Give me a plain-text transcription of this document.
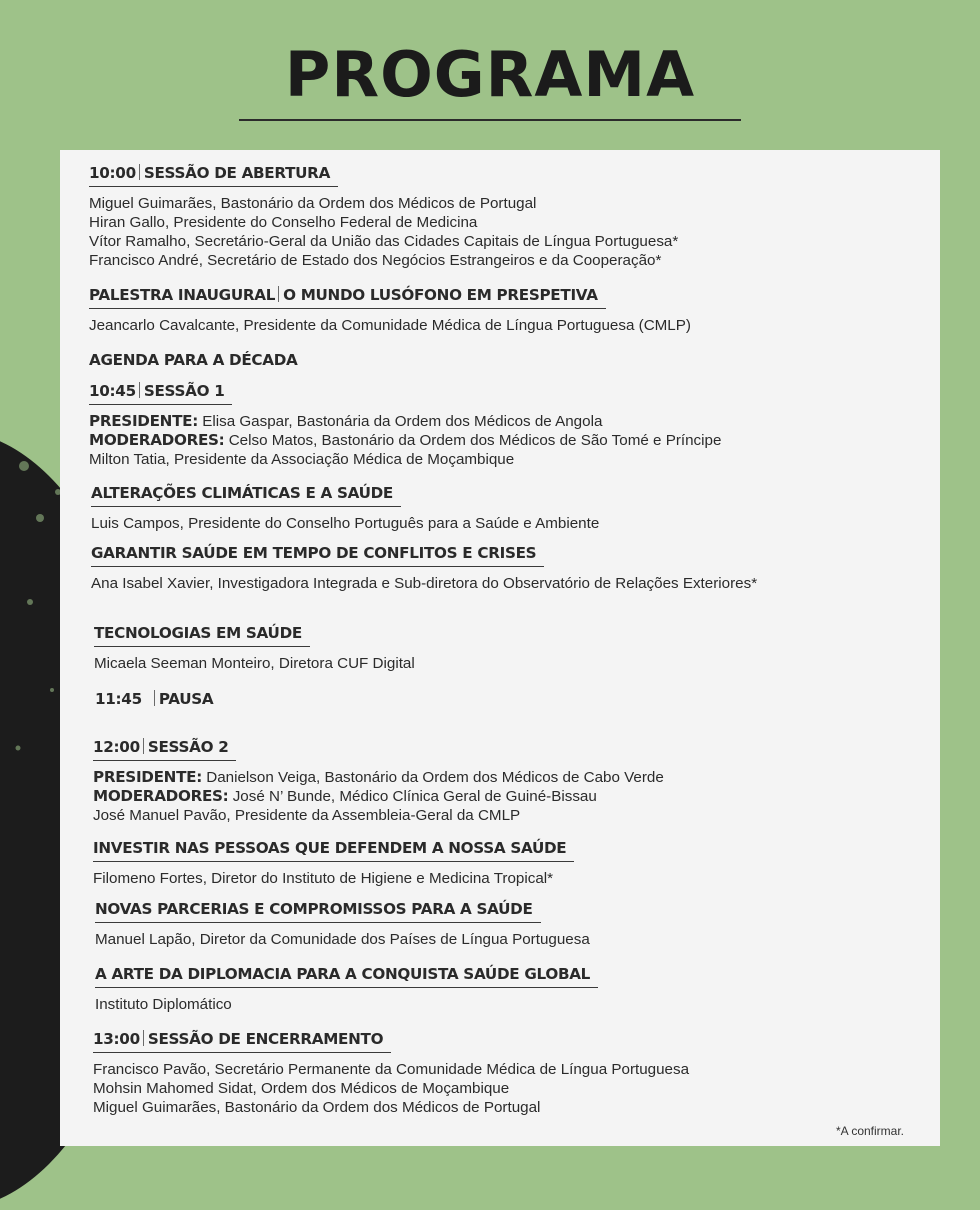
PROGRAMA
10:00 SESSÃO DE ABERTURA
Miguel Guimarães, Bastonário da Ordem dos Médicos de Portugal
Hiran Gallo, Presidente do Conselho Federal de Medicina
Vítor Ramalho, Secretário-Geral da União das Cidades Capitais de Língua Portuguesa*
Francisco André, Secretário de Estado dos Negócios Estrangeiros e da Cooperação*
PALESTRA INAUGURAL O MUNDO LUSÓFONO EM PRESPETIVA
Jeancarlo Cavalcante, Presidente da Comunidade Médica de Língua Portuguesa (CMLP)
AGENDA PARA A DÉCADA
10:45 SESSÃO 1
PRESIDENTE: Elisa Gaspar, Bastonária da Ordem dos Médicos de Angola
MODERADORES: Celso Matos, Bastonário da Ordem dos Médicos de São Tomé e Príncipe
Milton Tatia, Presidente da Associação Médica de Moçambique
ALTERAÇÕES CLIMÁTICAS E A SAÚDE
Luis Campos, Presidente do Conselho Português para a Saúde e Ambiente
GARANTIR SAÚDE EM TEMPO DE CONFLITOS E CRISES
Ana Isabel Xavier, Investigadora Integrada e Sub-diretora do Observatório de Relações Exteriores*
TECNOLOGIAS EM SAÚDE
Micaela Seeman Monteiro, Diretora CUF Digital
11:45 PAUSA
12:00 SESSÃO 2
PRESIDENTE: Danielson Veiga, Bastonário da Ordem dos Médicos de Cabo Verde
MODERADORES: José N’ Bunde, Médico Clínica Geral de Guiné-Bissau
José Manuel Pavão, Presidente da Assembleia-Geral da CMLP
INVESTIR NAS PESSOAS QUE DEFENDEM A NOSSA SAÚDE
Filomeno Fortes, Diretor do Instituto de Higiene e Medicina Tropical*
NOVAS PARCERIAS E COMPROMISSOS PARA A SAÚDE
Manuel Lapão, Diretor da Comunidade dos Países de Língua Portuguesa
A ARTE DA DIPLOMACIA PARA A CONQUISTA SAÚDE GLOBAL
Instituto Diplomático
13:00 SESSÃO DE ENCERRAMENTO
Francisco Pavão, Secretário Permanente da Comunidade Médica de Língua Portuguesa
Mohsin Mahomed Sidat, Ordem dos Médicos de Moçambique
Miguel Guimarães, Bastonário da Ordem dos Médicos de Portugal
*A confirmar.
